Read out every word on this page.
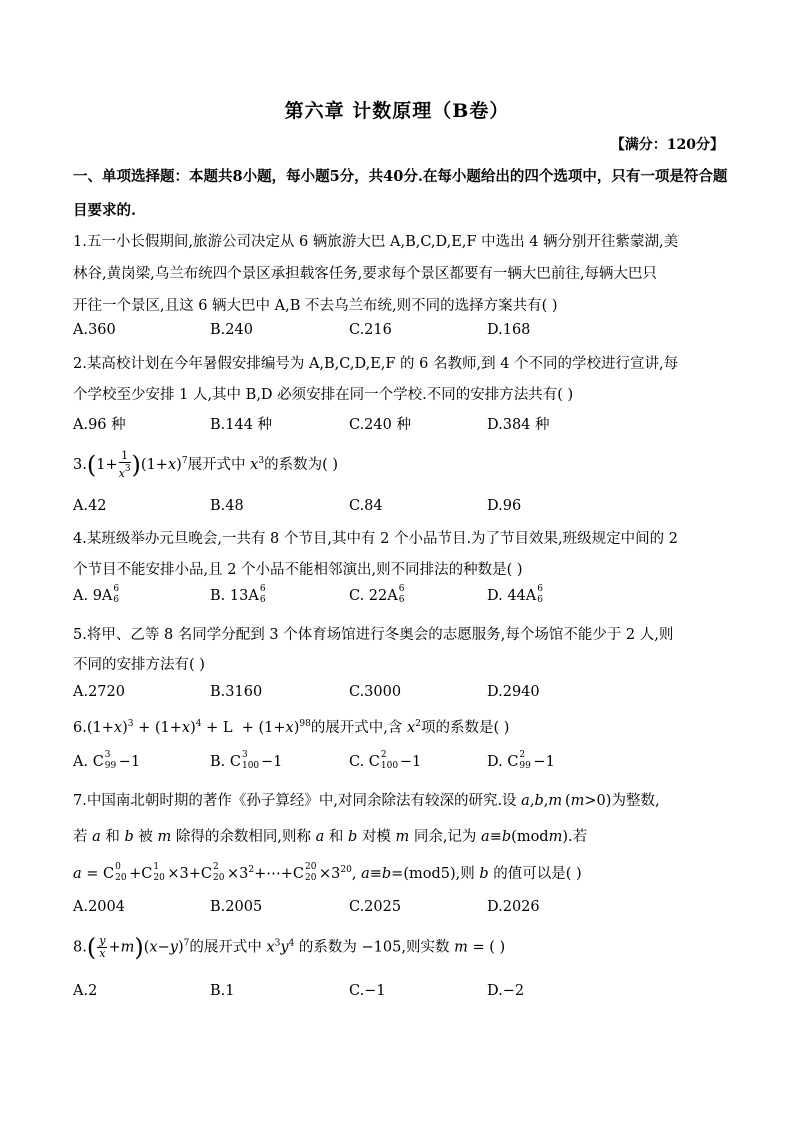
第六章 计数原理（B卷）
【满分：120分】
一、单项选择题：本题共8小题，每小题5分，共40分.在每小题给出的四个选项中，只有一项是符合题目要求的.
1.五一小长假期间,旅游公司决定从 6 辆旅游大巴 A,B,C,D,E,F 中选出 4 辆分别开往紫蒙湖,美
林谷,黄岗梁,乌兰布统四个景区承担载客任务,要求每个景区都要有一辆大巴前往,每辆大巴只
开往一个景区,且这 6 辆大巴中 A,B 不去乌兰布统,则不同的选择方案共有( )
A.360	B.240	C.216	D.168
2.某高校计划在今年暑假安排编号为 A,B,C,D,E,F 的 6 名教师,到 4 个不同的学校进行宣讲,每
个学校至少安排 1 人,其中 B,D 必须安排在同一个学校.不同的安排方法共有( )
A.96 种	B.144 种	C.240 种	D.384 种
$3.(1+ \frac{1}{x^3} )(1+x)^7$展开式中 $x^3$的系数为( )
A.42	B.48	C.84	D.96
4.某班级举办元旦晚会,一共有 8 个节目,其中有 2 个小品节目.为了节目效果,班级规定中间的 2
个节目不能安排小品,且 2 个小品不能相邻演出,则不同排法的种数是( )
A. 9A 6
6	B. 13A 6
6	C. 22A 6
6	D. 44A 6
6
5.将甲、乙等 8 名同学分配到 3 个体育场馆进行冬奥会的志愿服务,每个场馆不能少于 2 人,则
不同的安排方法有( )
A.2720	B.3160	C.3000	D.2940
$6.(1+x)^3 + (1+x)^4 + L + (1+x)^{98}$的展开式中,含 $x^2$项的系数是( )
A. C 3
99 −1	B. C 3
100 −1	C. C 2
100 −1	D. C 2
99 −1
7.中国南北朝时期的著作《孙子算经》中,对同余除法有较深的研究.设 a,b,m (m>0)为整数,
若 a 和 b 被 m 除得的余数相同,则称 a 和 b 对模 m 同余,记为 a≡b(modm).若
a = C 0
20 +C 1
20 ×3+C 2
$20 \times 3^2+\cdots+C$ 20
$20 \times 3^{20}$, a≡b=(mod5),则 b 的值可以是( )
A.2004	B.2005	C.2025	D.2026
$8.( \frac{y}{x} +m)(x-y)^7$的展开式中 $x^3y^4$ 的系数为 −105,则实数 m = ( )
A.2	B.1	C.−1	D.−2
